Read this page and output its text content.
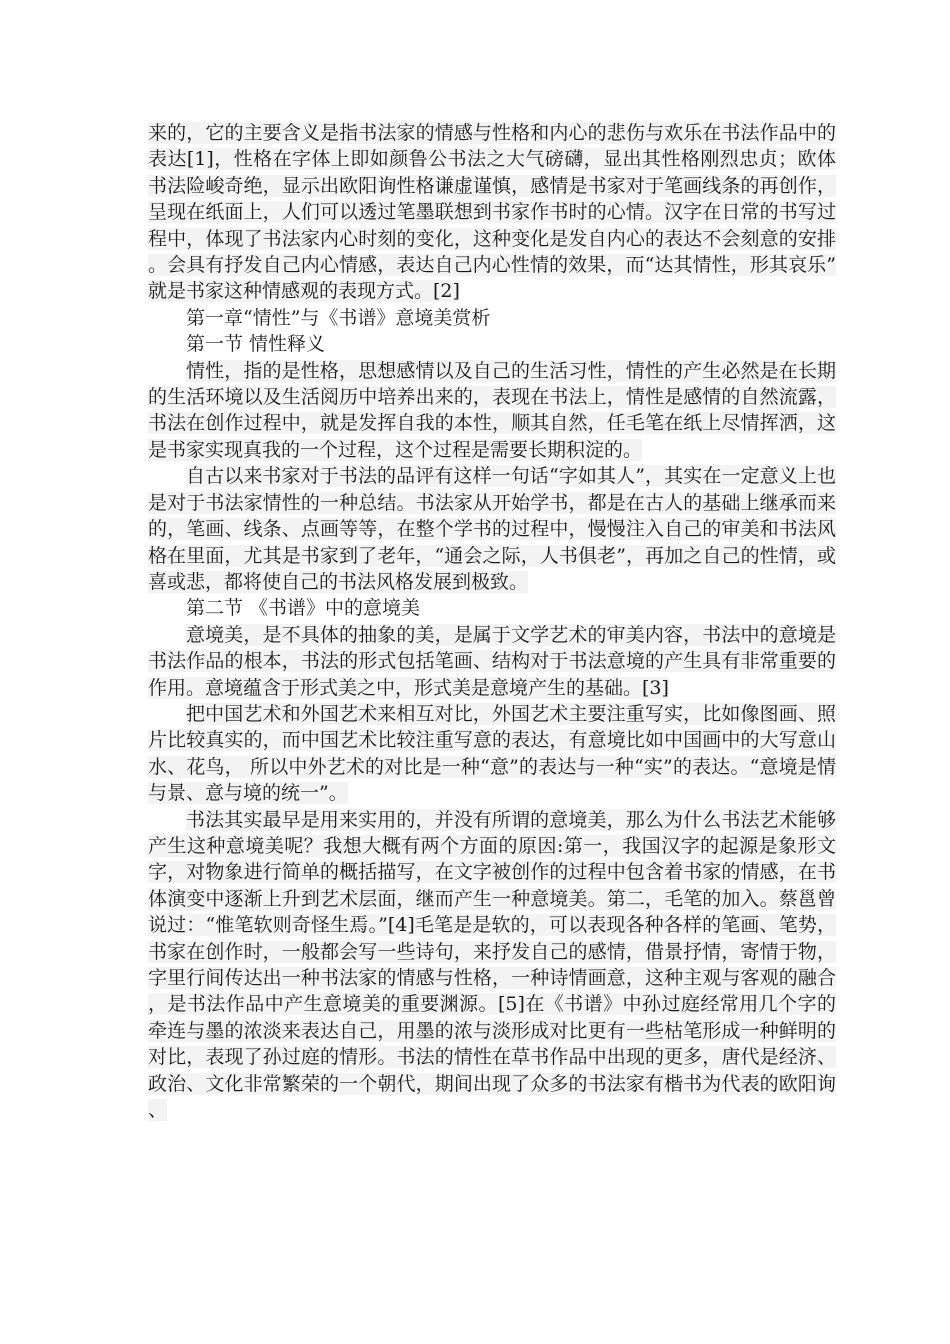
来的，它的主要含义是指书法家的情感与性格和内心的悲伤与欢乐在书法作品中的表达[1]，性格在字体上即如颜鲁公书法之大气磅礴，显出其性格刚烈忠贞；欧体书法险峻奇绝，显示出欧阳询性格谦虚谨慎，感情是书家对于笔画线条的再创作，呈现在纸面上，人们可以透过笔墨联想到书家作书时的心情。汉字在日常的书写过程中，体现了书法家内心时刻的变化，这种变化是发自内心的表达不会刻意的安排。会具有抒发自己内心情感，表达自己内心性情的效果，而“达其情性，形其哀乐”就是书家这种情感观的表现方式。[2]

第一章“情性”与《书谱》意境美赏析

第一节 情性释义

情性，指的是性格，思想感情以及自己的生活习性，情性的产生必然是在长期的生活环境以及生活阅历中培养出来的，表现在书法上，情性是感情的自然流露，书法在创作过程中，就是发挥自我的本性，顺其自然，任毛笔在纸上尽情挥洒，这是书家实现真我的一个过程，这个过程是需要长期积淀的。

自古以来书家对于书法的品评有这样一句话“字如其人”，其实在一定意义上也是对于书法家情性的一种总结。书法家从开始学书，都是在古人的基础上继承而来的，笔画、线条、点画等等，在整个学书的过程中，慢慢注入自己的审美和书法风格在里面，尤其是书家到了老年，“通会之际，人书俱老”，再加之自己的性情，或喜或悲，都将使自己的书法风格发展到极致。

第二节 《书谱》中的意境美

意境美，是不具体的抽象的美，是属于文学艺术的审美内容，书法中的意境是书法作品的根本，书法的形式包括笔画、结构对于书法意境的产生具有非常重要的作用。意境蕴含于形式美之中，形式美是意境产生的基础。[3]

把中国艺术和外国艺术来相互对比，外国艺术主要注重写实，比如像图画、照片比较真实的，而中国艺术比较注重写意的表达，有意境比如中国画中的大写意山水、花鸟， 所以中外艺术的对比是一种“意”的表达与一种“实”的表达。“意境是情与景、意与境的统一”。

书法其实最早是用来实用的，并没有所谓的意境美，那么为什么书法艺术能够产生这种意境美呢？我想大概有两个方面的原因:第一，我国汉字的起源是象形文字，对物象进行简单的概括描写，在文字被创作的过程中包含着书家的情感，在书体演变中逐渐上升到艺术层面，继而产生一种意境美。第二，毛笔的加入。蔡邕曾说过：“惟笔软则奇怪生焉。”[4]毛笔是是软的，可以表现各种各样的笔画、笔势，书家在创作时，一般都会写一些诗句，来抒发自己的感情，借景抒情，寄情于物，字里行间传达出一种书法家的情感与性格，一种诗情画意，这种主观与客观的融合，是书法作品中产生意境美的重要渊源。[5]在《书谱》中孙过庭经常用几个字的牵连与墨的浓淡来表达自己，用墨的浓与淡形成对比更有一些枯笔形成一种鲜明的对比，表现了孙过庭的情形。书法的情性在草书作品中出现的更多，唐代是经济、政治、文化非常繁荣的一个朝代，期间出现了众多的书法家有楷书为代表的欧阳询、
